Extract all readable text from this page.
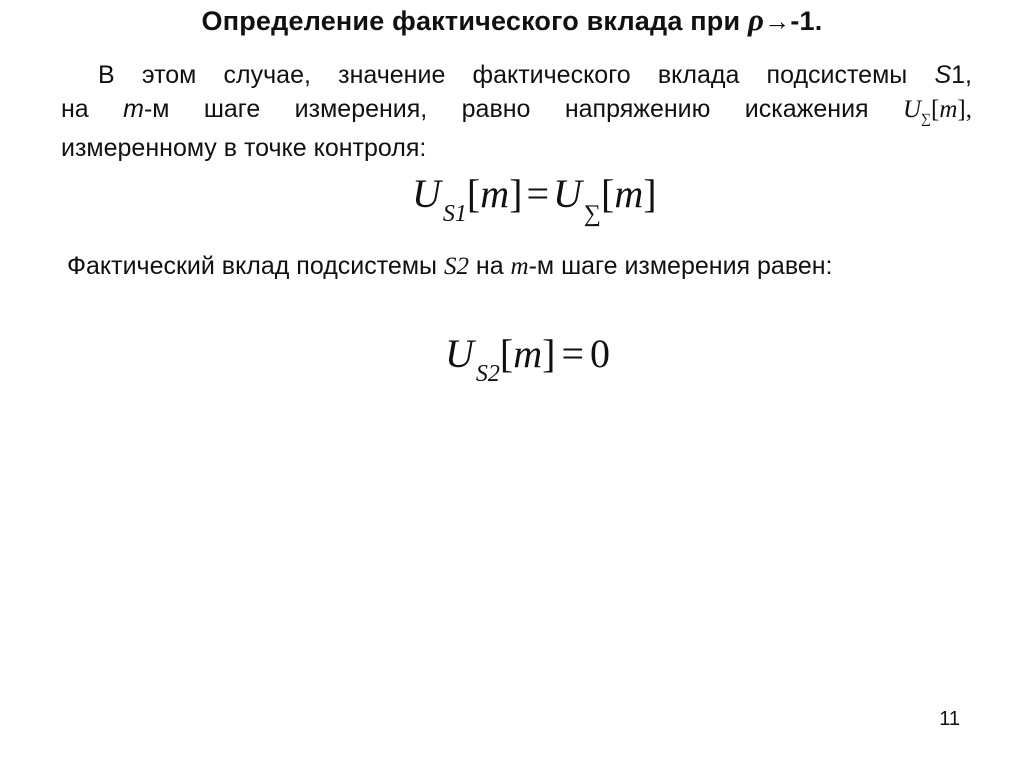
Определение фактического вклада при ρ→-1.
В этом случае, значение фактического вклада подсистемы S1,
на m-м шаге измерения, равно напряжению искажения $U_\sum[m]$,
измеренному в точке контроля:
$U_{S1}[m] = U_\sum[m]$
Фактический вклад подсистемы S2 на m-м шаге измерения равен:
$U_{S2}[m] = 0$
11
